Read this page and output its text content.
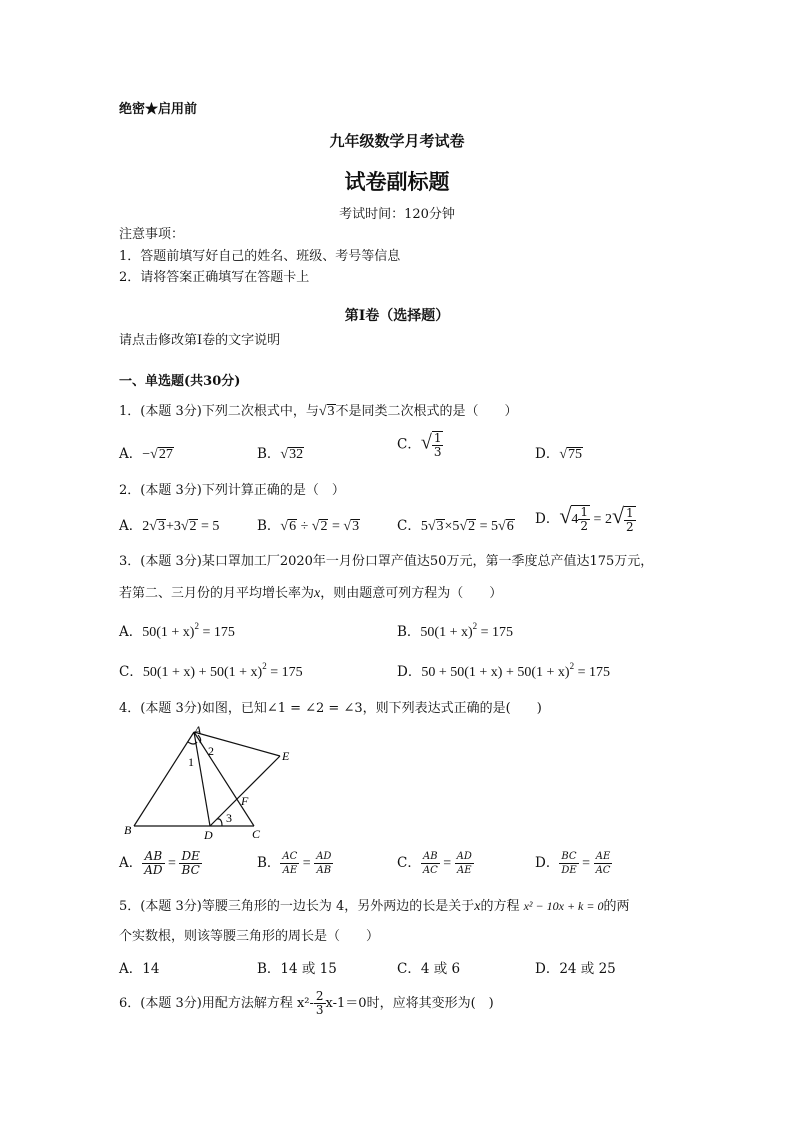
绝密★启用前
九年级数学月考试卷
试卷副标题
考试时间：120分钟
注意事项：
1．答题前填写好自己的姓名、班级、考号等信息
2．请将答案正确填写在答题卡上
第I卷（选择题）
请点击修改第I卷的文字说明
一、单选题(共30分)
1．(本题 3分)下列二次根式中，与√3不是同类二次根式的是（　　）
A．−√27	B．√32
C．√ $\frac{1}{3}$	D．√75
2．(本题 3分)下列计算正确的是（　）
A．2√3+3√2 = 5	B．√6 ÷ √2 = √3	C．5√3×5√2 = 5√6 D．$√4 \frac{1}{2} = 2√ \frac{1}{2}$
3．(本题 3分)某口罩加工厂2020年一月份口罩产值达50万元，第一季度总产值达175万元，
若第二、三月份的月平均增长率为x，则由题意可列方程为（　　）
A．$50(1 + x)^2 = 175$	B．$50(1 + x)^2 = 175$
C．$50(1 + x) + 50(1 + x)^2 = 175$	D．$50 + 50(1 + x) + 50(1 + x)^2 = 175$
4．(本题 3分)如图，已知∠1 = ∠2 = ∠3，则下列表达式正确的是(　　)
A
B	C
D
E
F
1
2
3
A． $\frac{AB}{AD} = \frac{DE}{BC}$	B． $\frac{AC}{AE} = \frac{AD}{AB}$	C． $\frac{AB}{AC} = \frac{AD}{AE}$	D． $\frac{BC}{DE} = \frac{AE}{AC}$
5．(本题 3分)等腰三角形的一边长为 4，另外两边的长是关于x的方程 x² − 10x + k = 0的两
个实数根，则该等腰三角形的周长是（　　）
A．14	B．14 或 15	C．4 或 6	D．24 或 25
6．(本题 3分)用配方法解方程 $x^2- \frac{2}{3} x-1=0$时，应将其变形为(　)
